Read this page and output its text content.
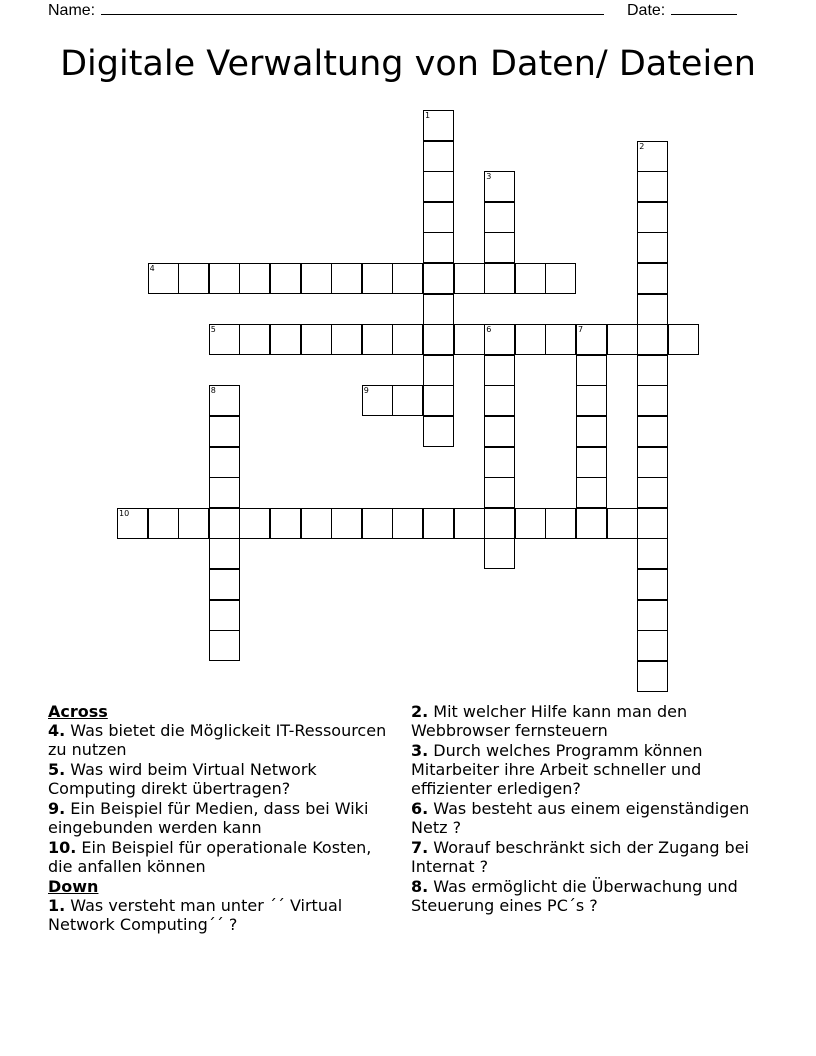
Name:	Date:
Digitale Verwaltung von Daten/ Dateien
1
2
3
4
5	6	7
8	9
10
Across
4. Was bietet die Möglickeit IT-Ressourcen zu nutzen
5. Was wird beim Virtual Network Computing direkt übertragen?
9. Ein Beispiel für Medien, dass bei Wiki eingebunden werden kann
10. Ein Beispiel für operationale Kosten, die anfallen können
Down
1. Was versteht man unter ´´ Virtual Network Computing´´ ?
2. Mit welcher Hilfe kann man den Webbrowser fernsteuern
3. Durch welches Programm können Mitarbeiter ihre Arbeit schneller und effizienter erledigen?
6. Was besteht aus einem eigenständigen Netz ?
7. Worauf beschränkt sich der Zugang bei Internat ?
8. Was ermöglicht die Überwachung und Steuerung eines PC´s ?
